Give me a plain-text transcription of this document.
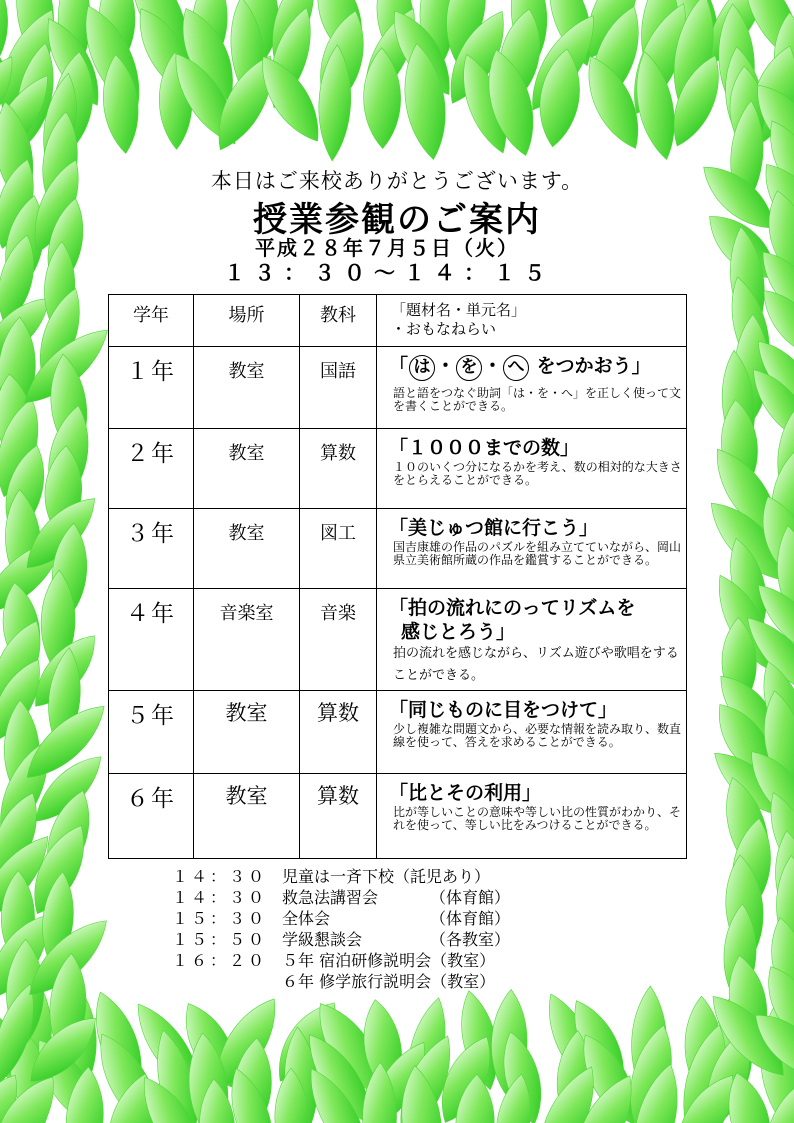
本日はご来校ありがとうございます。
授業参観のご案内
平成２８年７月５日（火）
１３：３０～１４：１５
学年	場所	教科	「題材名・単元名」
・おもなねらい

１年	教室	国語	「 は ・ を ・ へ をつかおう」
語と語をつなぐ助詞「は・を・へ」を正しく使って文を書くことができる。

２年	教室	算数	「１０００までの数」
１０のいくつ分になるかを考え、数の相対的な大きさをとらえることができる。

３年	教室	図工	「美じゅつ館に行こう」
国吉康雄の作品のパズルを組み立てていながら、岡山県立美術館所蔵の作品を鑑賞することができる。

４年	音楽室	音楽	「拍の流れにのってリズムを
感じとろう」
拍の流れを感じながら、リズム遊びや歌唱をすることができる。

５年	教室	算数	「同じものに目をつけて」
少し複雑な問題文から、必要な情報を読み取り、数直線を使って、答えを求めることができる。

６年	教室	算数	「比とその利用」
比が等しいことの意味や等しい比の性質がわかり、それを使って、等しい比をみつけることができる。
１４：３０ 児童は一斉下校（託児あり）
１４：３０ 救急法講習会	（体育館）
１５：３０ 全体会	（体育館）
１５：５０ 学級懇談会	（各教室）
１６：２０ ５年 宿泊研修説明会（教室）
６年 修学旅行説明会（教室）
